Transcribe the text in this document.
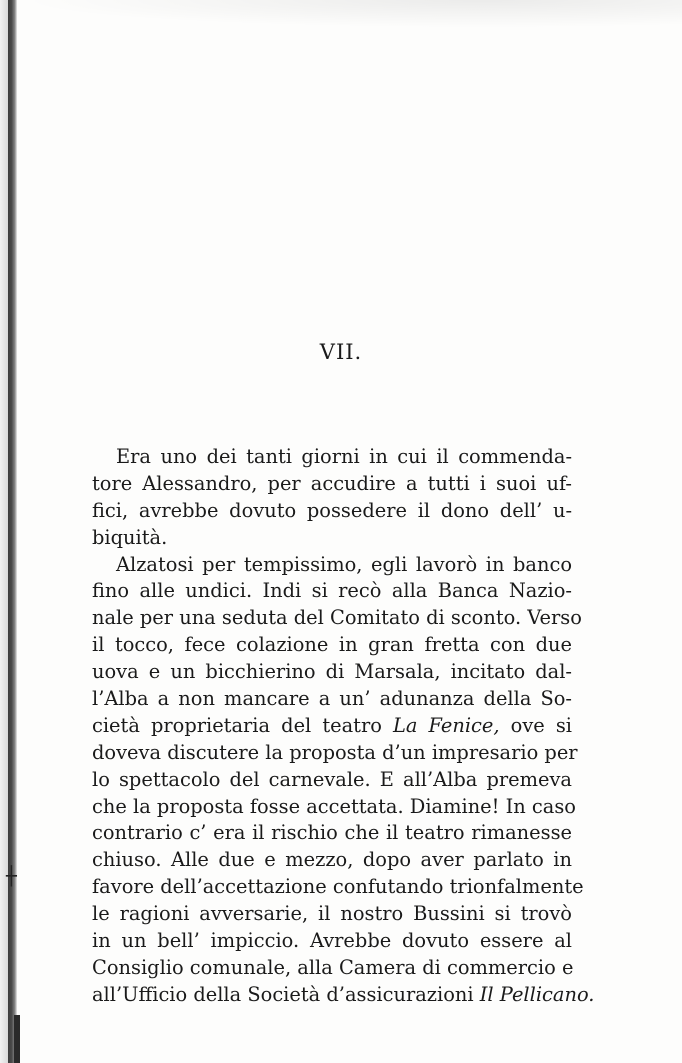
VII.
Era uno dei tanti giorni in cui il commenda-
tore Alessandro, per accudire a tutti i suoi uf-
fici, avrebbe dovuto possedere il dono dell’ u-
biquità.
Alzatosi per tempissimo, egli lavorò in banco
fino alle undici. Indi si recò alla Banca Nazio-
nale per una seduta del Comitato di sconto. Verso
il tocco, fece colazione in gran fretta con due
uova e un bicchierino di Marsala, incitato dal-
l’Alba a non mancare a un’ adunanza della So-
cietà proprietaria del teatro La Fenice, ove si
doveva discutere la proposta d’un impresario per
lo spettacolo del carnevale. E all’Alba premeva
che la proposta fosse accettata. Diamine! In caso
contrario c’ era il rischio che il teatro rimanesse
chiuso. Alle due e mezzo, dopo aver parlato in
favore dell’accettazione confutando trionfalmente
le ragioni avversarie, il nostro Bussini si trovò
in un bell’ impiccio. Avrebbe dovuto essere al
Consiglio comunale, alla Camera di commercio e
all’Ufficio della Società d’assicurazioni Il Pellicano.
┼
